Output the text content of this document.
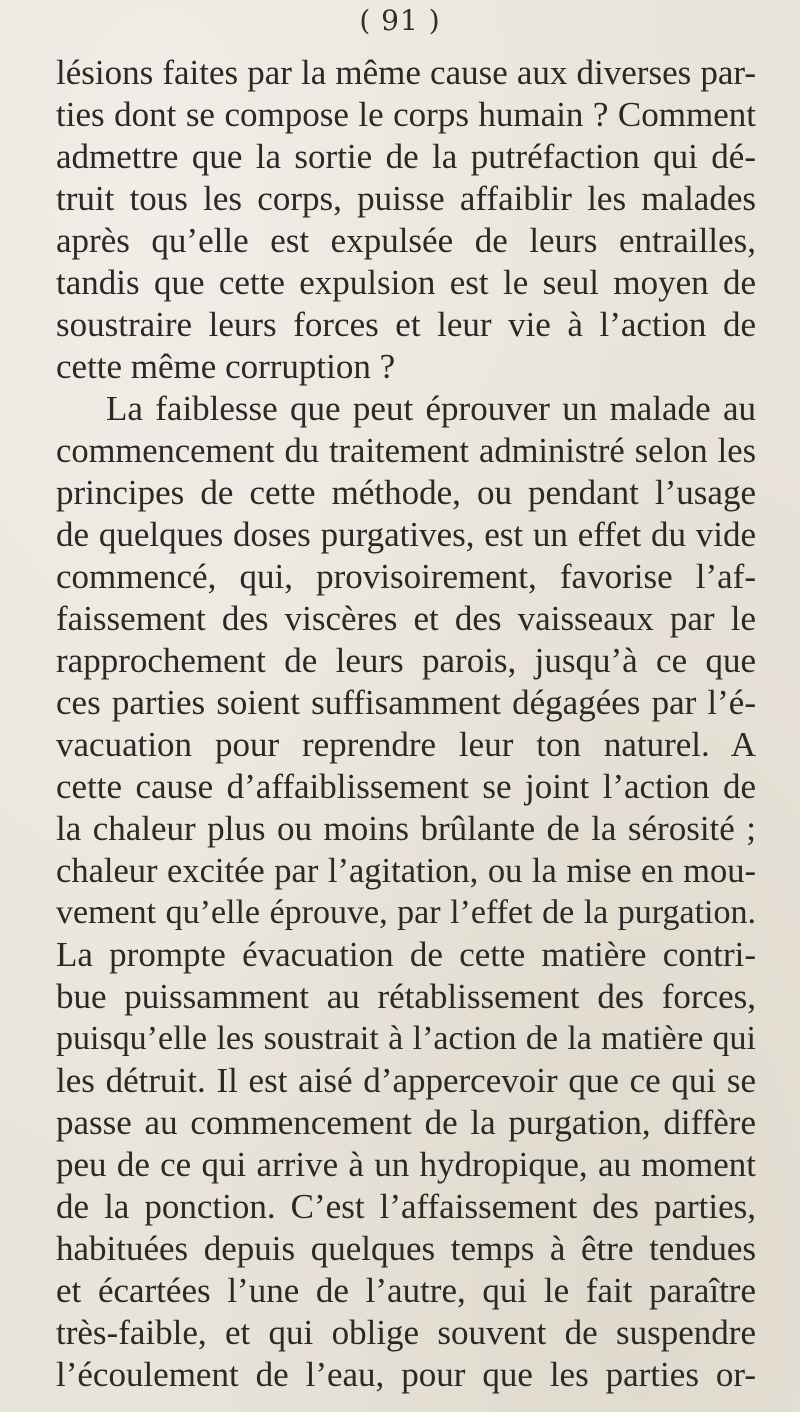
( 91 )
lésions faites par la même cause aux diverses par-
ties dont se compose le corps humain ? Comment
admettre que la sortie de la putréfaction qui dé-
truit tous les corps, puisse affaiblir les malades
après qu’elle est expulsée de leurs entrailles,
tandis que cette expulsion est le seul moyen de
soustraire leurs forces et leur vie à l’action de
cette même corruption ?
La faiblesse que peut éprouver un malade au
commencement du traitement administré selon les
principes de cette méthode, ou pendant l’usage
de quelques doses purgatives, est un effet du vide
commencé, qui, provisoirement, favorise l’af-
faissement des viscères et des vaisseaux par le
rapprochement de leurs parois, jusqu’à ce que
ces parties soient suffisamment dégagées par l’é-
vacuation pour reprendre leur ton naturel. A
cette cause d’affaiblissement se joint l’action de
la chaleur plus ou moins brûlante de la sérosité ;
chaleur excitée par l’agitation, ou la mise en mou-
vement qu’elle éprouve, par l’effet de la purgation.
La prompte évacuation de cette matière contri-
bue puissamment au rétablissement des forces,
puisqu’elle les soustrait à l’action de la matière qui
les détruit. Il est aisé d’appercevoir que ce qui se
passe au commencement de la purgation, diffère
peu de ce qui arrive à un hydropique, au moment
de la ponction. C’est l’affaissement des parties,
habituées depuis quelques temps à être tendues
et écartées l’une de l’autre, qui le fait paraître
très-faible, et qui oblige souvent de suspendre
l’écoulement de l’eau, pour que les parties or-
